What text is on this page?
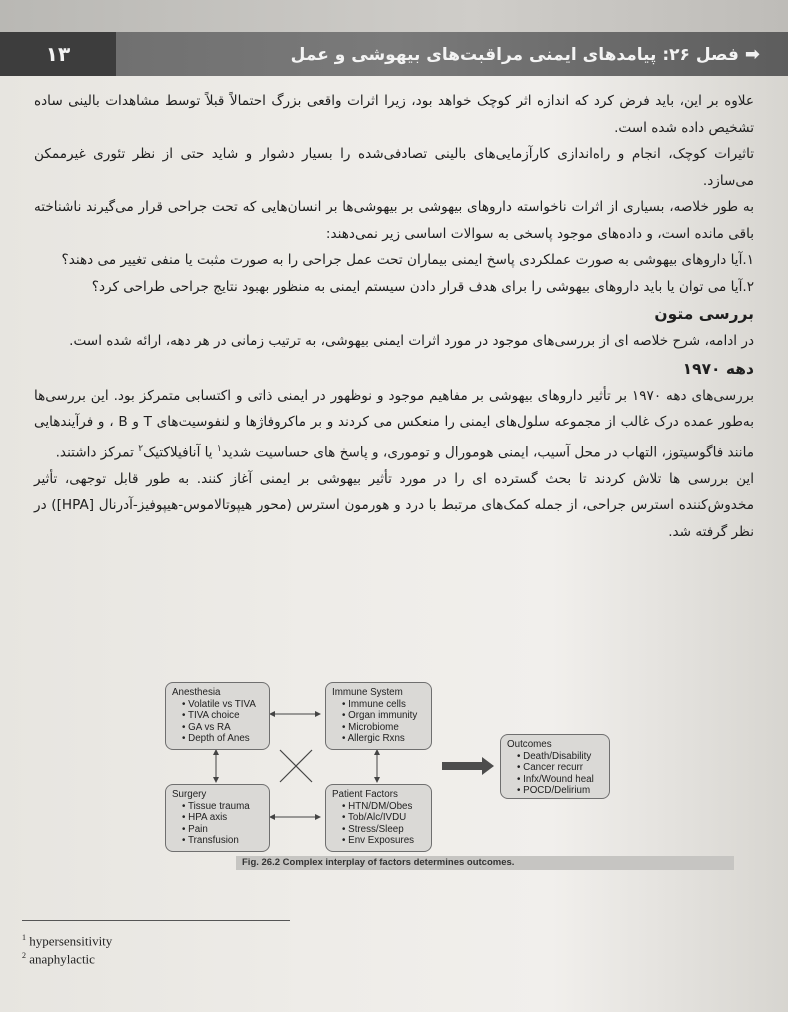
۱۳	➡فصل ۲۶: پیامدهای ایمنی مراقبت‌های بیهوشی و عمل

علاوه بر این، باید فرض کرد که اندازه اثر کوچک خواهد بود، زیرا اثرات واقعی بزرگ احتمالاً قبلاً توسط مشاهدات بالینی ساده تشخیص داده شده است.

تاثیرات کوچک، انجام و راه‌اندازی کارآزمایی‌های بالینی تصادفی‌شده را بسیار دشوار و شاید حتی از نظر تئوری غیرممکن می‌سازد.

به طور خلاصه، بسیاری از اثرات ناخواسته داروهای بیهوشی بر بیهوشی‌ها بر انسان‌هایی که تحت جراحی قرار می‌گیرند ناشناخته باقی مانده است، و داده‌های موجود پاسخی به سوالات اساسی زیر نمی‌دهند:

۱.آیا داروهای بیهوشی به صورت عملکردی پاسخ ایمنی بیماران تحت عمل جراحی را به صورت مثبت یا منفی تغییر می دهند؟

۲.آیا می توان یا باید داروهای بیهوشی را برای هدف قرار دادن سیستم ایمنی به منظور بهبود نتایج جراحی طراحی کرد؟

بررسی متون

در ادامه، شرح خلاصه ای از بررسی‌های موجود در مورد اثرات ایمنی بیهوشی، به ترتیب زمانی در هر دهه، ارائه شده است.

دهه ۱۹۷۰

بررسی‌های دهه ۱۹۷۰ بر تأثیر داروهای بیهوشی بر مفاهیم موجود و نوظهور در ایمنی ذاتی و اکتسابی متمرکز بود. این بررسی‌ها به‌طور عمده درک غالب از مجموعه سلول‌های ایمنی را منعکس می کردند و بر ماکروفاژها و لنفوسیت‌های T و B ، و فرآیندهایی مانند فاگوسیتوز، التهاب در محل آسیب، ایمنی هومورال و توموری، و پاسخ های حساسیت شدید$^۱$ یا آنافیلاکتیک$^۲$ تمرکز داشتند.

این بررسی ها تلاش کردند تا بحث گسترده ای را در مورد تأثیر بیهوشی بر ایمنی آغاز کنند. به طور قابل توجهی، تأثیر مخدوش‌کننده استرس جراحی، از جمله کمک‌های مرتبط با درد و هورمون استرس (محور هیپوتالاموس-هیپوفیز-آدرنال [HPA]) در نظر گرفته شد.

Anesthesia
• Volatile vs TIVA
• TIVA choice
• GA vs RA
• Depth of Anes
Immune System
• Immune cells
• Organ immunity
• Microbiome
• Allergic Rxns
Surgery
• Tissue trauma
• HPA axis
• Pain
• Transfusion
Patient Factors
• HTN/DM/Obes
• Tob/Alc/IVDU
• Stress/Sleep
• Env Exposures
Outcomes
• Death/Disability
• Cancer recurr
• Infx/Wound heal
• POCD/Delirium
Fig. 26.2 Complex interplay of factors determines outcomes.
$^1$ hypersensitivity
$^2$ anaphylactic
